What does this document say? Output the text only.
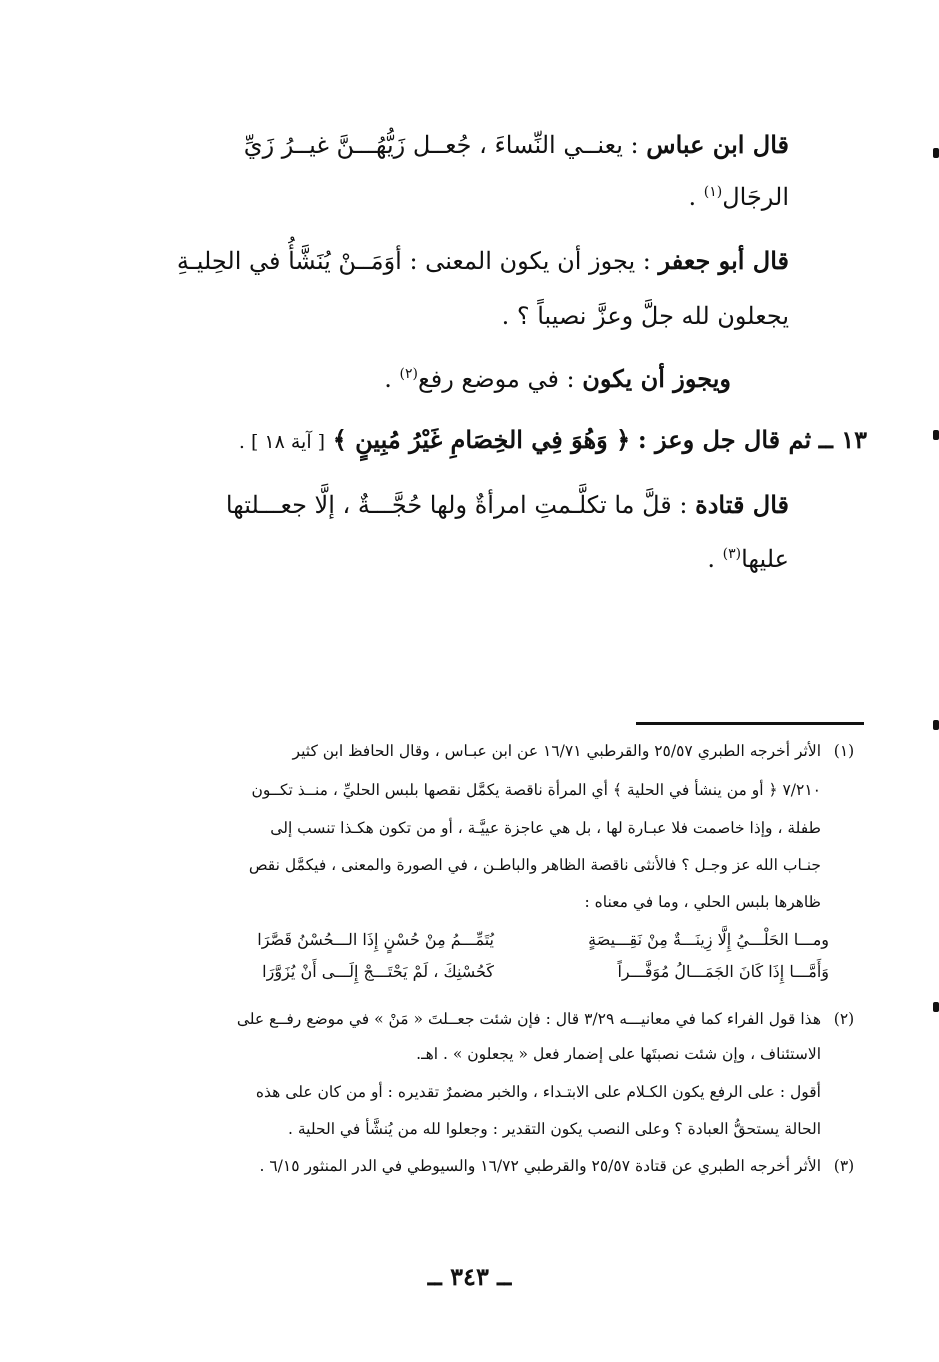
قال ابن عباس : يعنــي النِّساءَ ، جُعــل زَيُّهُـــنَّ غيــرُ زَيِّ
الرجَال$^{(١)}$ .
قال أبو جعفر : يجوز أن يكون المعنى : أوَمَــنْ يُنَشَّأُ في الحِليـةِ
يجعلون لله جلَّ وعزَّ نصيباً ؟ .
ويجوز أن يكون : في موضع رفع$^{(٢)}$ .
١٣ ــ ثم قال جل وعز : ﴿ وَهُوَ فِي الخِصَامِ غَيْرُ مُبِينٍ ﴾ [ آية ١٨ ] .
قال قتادة : قلَّ ما تكلَّـمتِ امرأةٌ ولها حُجَّـــةٌ ، إلَّا جعـــلتها
عليها$^{(٣)}$ .
(١)
الأثر أخرجه الطبري ٢٥/٥٧ والقرطبي ١٦/٧١ عن ابن عبـاس ، وقال الحافظ ابن كثير
٧/٢١٠ ﴿ أو من ينشأ في الحلية ﴾ أي المرأة ناقصة يكمَّل نقصها بلبس الحليِّ ، منــذ تكــون
طفلة ، وإذا خاصمت فلا عبـارة لها ، بل هي عاجزة عييَّـة ، أو من تكون هكـذا تنسب إلى
جنـاب الله عز وجـل ؟ فالأنثى ناقصة الظاهر والباطـن ، في الصورة والمعنى ، فيكمَّل نقص
ظاهرها بلبس الحلي ، وما في معناه :
ومـــا الحَلْـــيُ إِلَّا زِينَـــةٌ مِنْ نَقِـــيصَةٍ
يُتَمِّـــمُ مِنْ حُسْنٍ إِذَا الـــحُسْنُ قَصَّرَا
وَأَمَّـــا إِذَا كَانَ الجَمَـــالُ مُوَفَّـــراً
كَحُسْنِكَ ، لَمْ يَحْتَـــجْ إِلَـــى أَنْ يُزَوَّرَا
(٢)
هذا قول الفراء كما في معانيـــه ٣/٢٩ قال : فإن شئت جعــلتَ « مَنْ » في موضع رفــع على
الاستئناف ، وإن شئت نصبتَها على إضمار فعل « يجعلون » . اهـ.
أقول : على الرفع يكون الكـلام على الابتـداء ، والخبر مضمرٌ تقديره : أو من كان على هذه
الحالة يستحقُّ العبادة ؟ وعلى النصب يكون التقدير : وجعلوا لله من يُنشَّأ في الحلية .
(٣)
الأثر أخرجه الطبري عن قتادة ٢٥/٥٧ والقرطبي ١٦/٧٢ والسيوطي في الدر المنثور ٦/١٥ .
ــ ٣٤٣ ــ
